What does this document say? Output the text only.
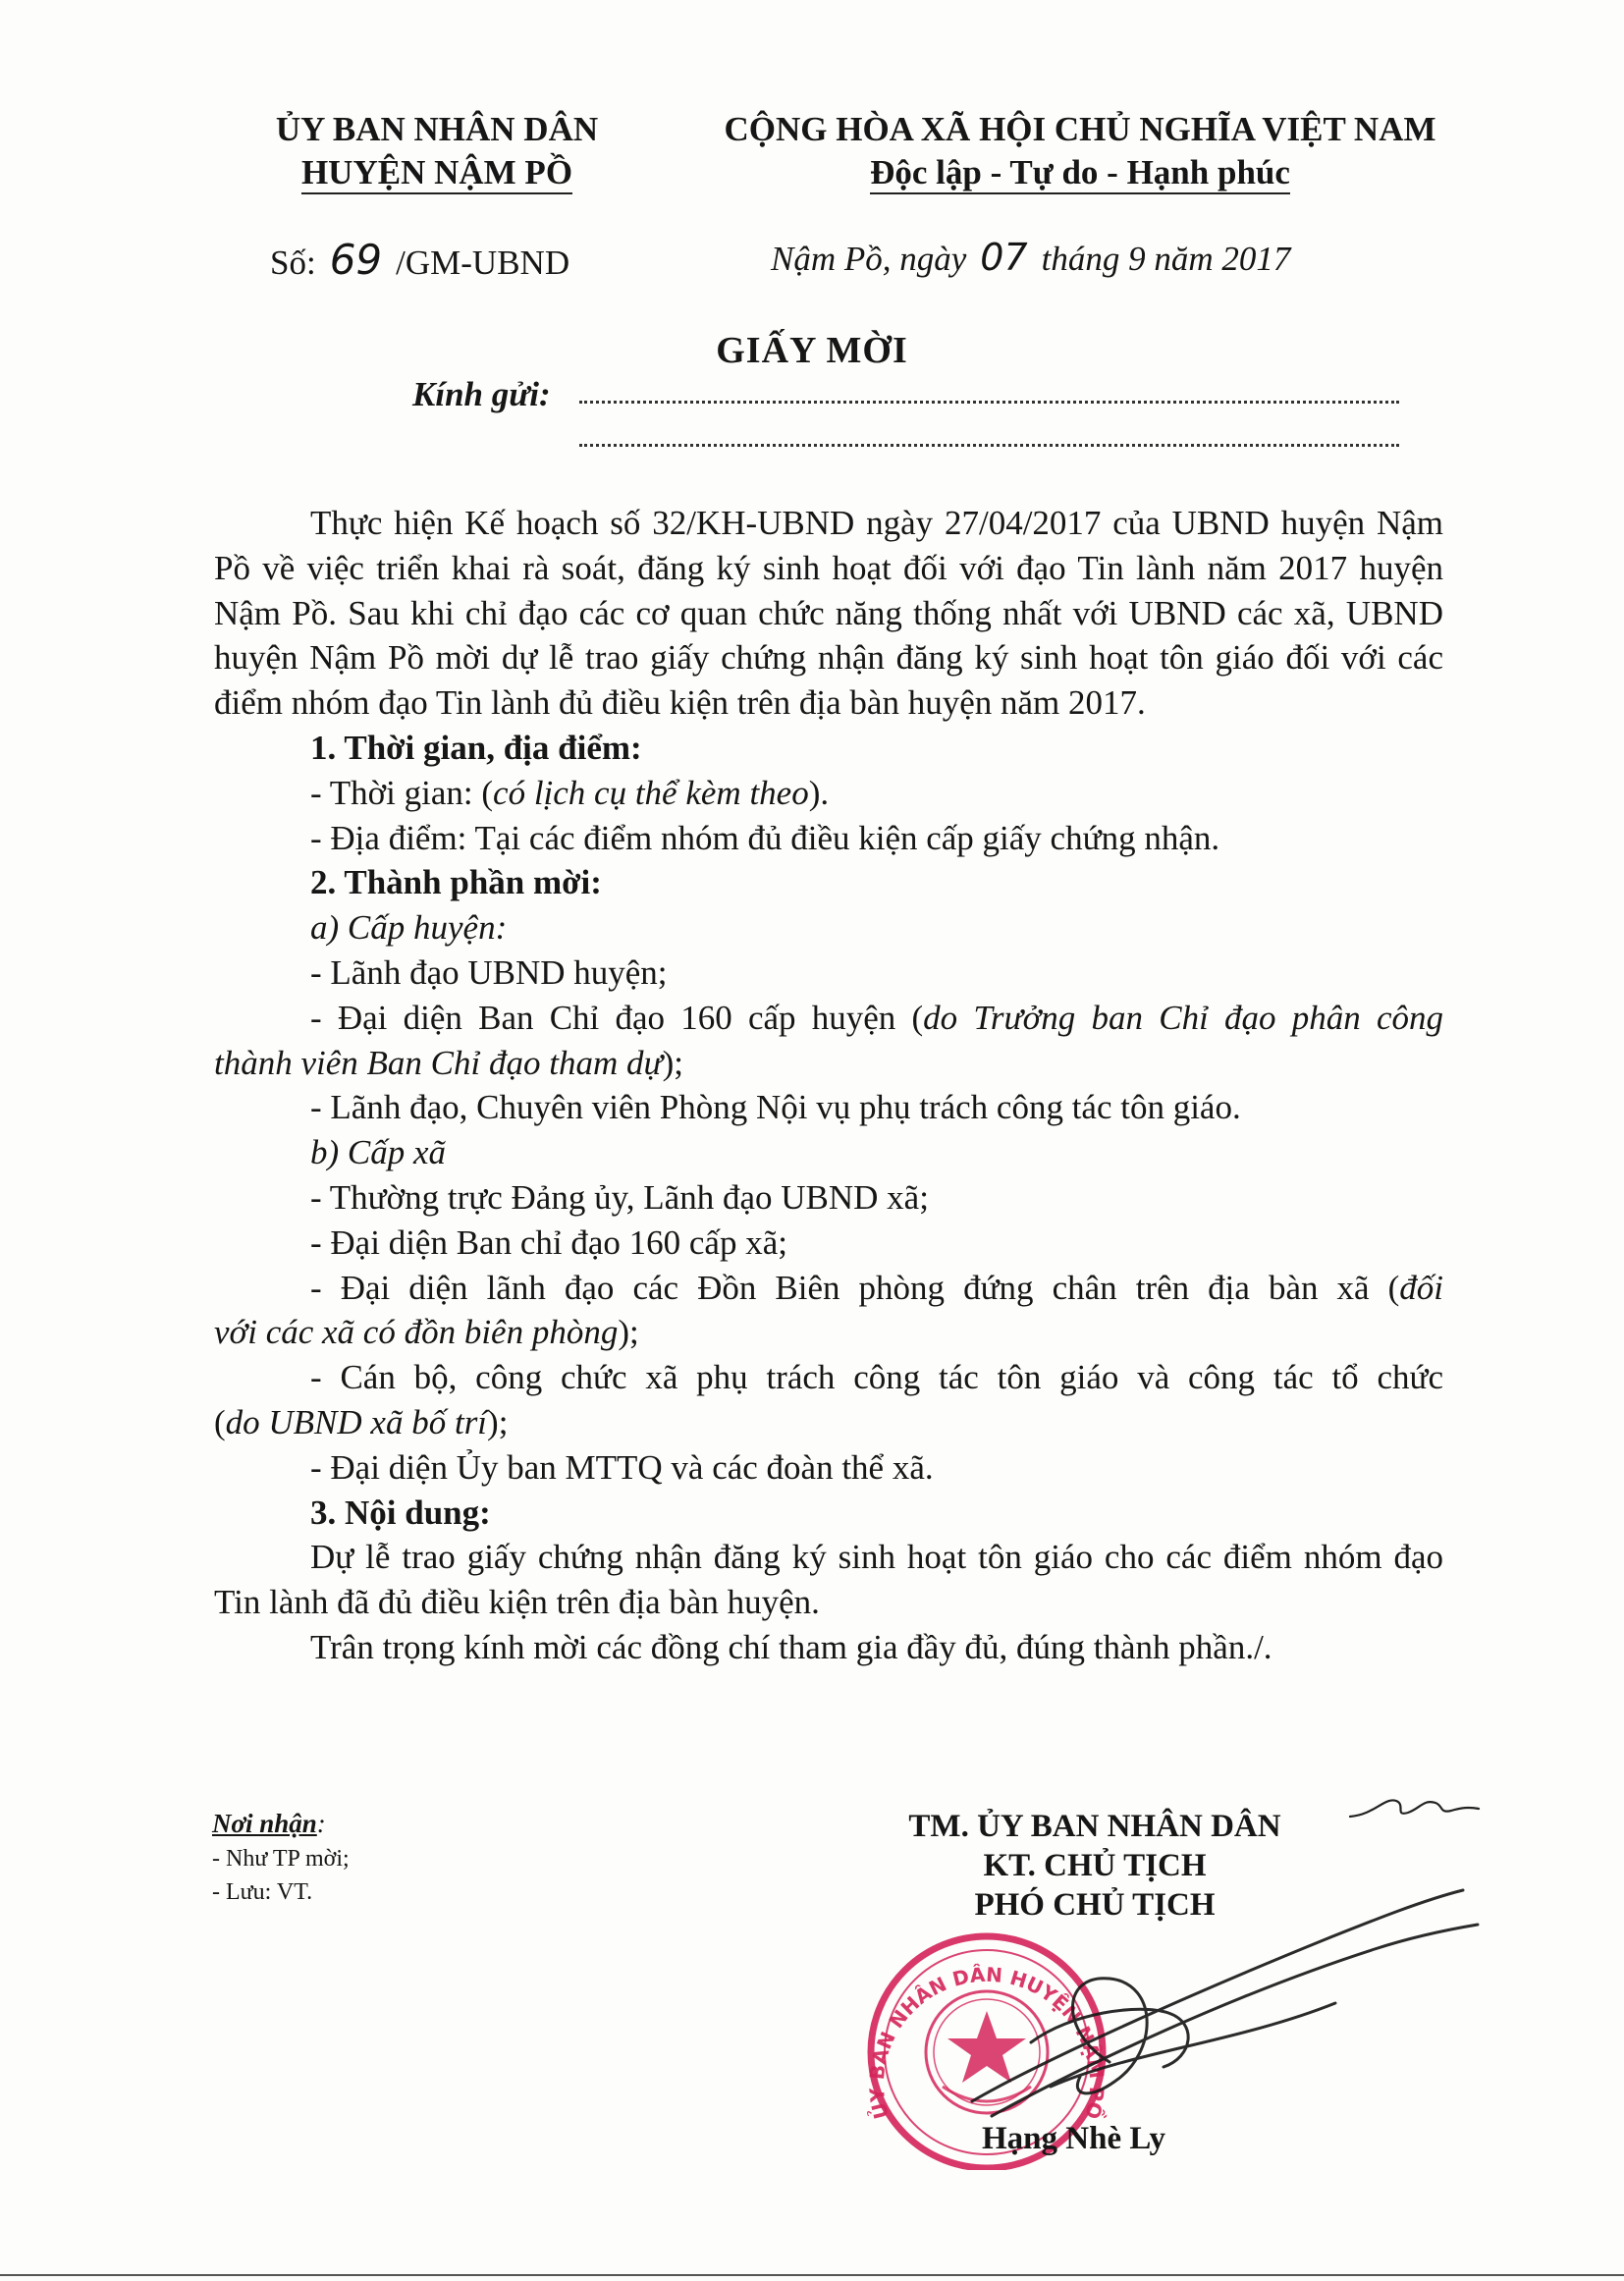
ỦY BAN NHÂN DÂN
HUYỆN NẬM PỒ
CỘNG HÒA XÃ HỘI CHỦ NGHĨA VIỆT NAM
Độc lập - Tự do - Hạnh phúc
Số: 69 /GM-UBND	Nậm Pồ, ngày 07 tháng 9 năm 2017
GIẤY MỜI
Kính gửi:

Thực hiện Kế hoạch số 32/KH-UBND ngày 27/04/2017 của UBND huyện Nậm Pồ về việc triển khai rà soát, đăng ký sinh hoạt đối với đạo Tin lành năm 2017 huyện Nậm Pồ. Sau khi chỉ đạo các cơ quan chức năng thống nhất với UBND các xã, UBND huyện Nậm Pồ mời dự lễ trao giấy chứng nhận đăng ký sinh hoạt tôn giáo đối với các điểm nhóm đạo Tin lành đủ điều kiện trên địa bàn huyện năm 2017.

1. Thời gian, địa điểm:

- Thời gian: (có lịch cụ thể kèm theo).

- Địa điểm: Tại các điểm nhóm đủ điều kiện cấp giấy chứng nhận.

2. Thành phần mời:

a) Cấp huyện:

- Lãnh đạo UBND huyện;

- Đại diện Ban Chỉ đạo 160 cấp huyện (do Trưởng ban Chỉ đạo phân công

thành viên Ban Chỉ đạo tham dự);

- Lãnh đạo, Chuyên viên Phòng Nội vụ phụ trách công tác tôn giáo.

b) Cấp xã

- Thường trực Đảng ủy, Lãnh đạo UBND xã;

- Đại diện Ban chỉ đạo 160 cấp xã;

- Đại diện lãnh đạo các Đồn Biên phòng đứng chân trên địa bàn xã (đối

với các xã có đồn biên phòng);

- Cán bộ, công chức xã phụ trách công tác tôn giáo và công tác tổ chức

(do UBND xã bố trí);

- Đại diện Ủy ban MTTQ và các đoàn thể xã.

3. Nội dung:

Dự lễ trao giấy chứng nhận đăng ký sinh hoạt tôn giáo cho các điểm nhóm đạo Tin lành đã đủ điều kiện trên địa bàn huyện.

Trân trọng kính mời các đồng chí tham gia đầy đủ, đúng thành phần./.

Nơi nhận:
- Như TP mời;
- Lưu: VT.
TM. ỦY BAN NHÂN DÂN
KT. CHỦ TỊCH
PHÓ CHỦ TỊCH
ỦY BAN NHÂN DÂN HUYỆN NẬM PỒ
Hạng Nhè Ly
